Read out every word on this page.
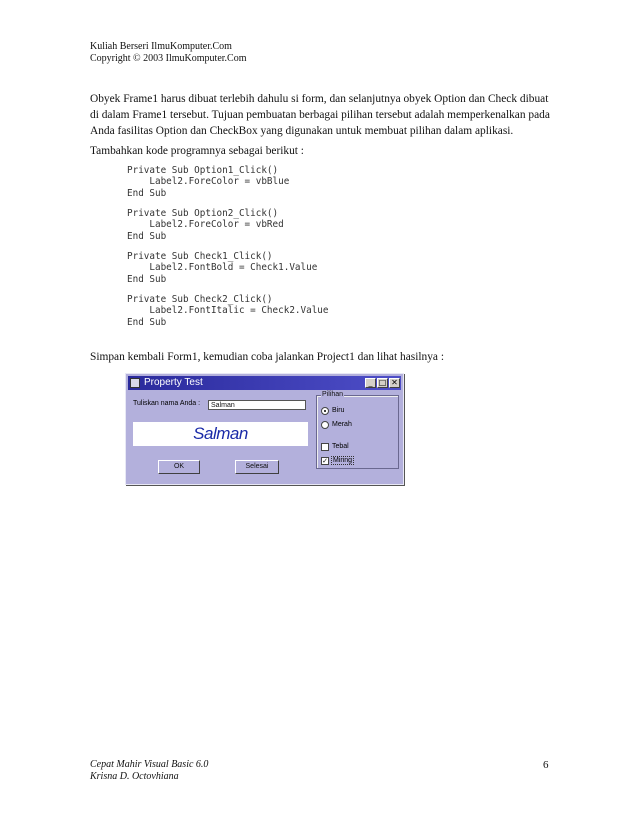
Kuliah Berseri IlmuKomputer.Com
Copyright © 2003 IlmuKomputer.Com

Obyek Frame1 harus dibuat terlebih dahulu si form, dan selanjutnya obyek Option dan Check dibuat di dalam Frame1 tersebut. Tujuan pembuatan berbagai pilihan tersebut adalah memperkenalkan pada Anda fasilitas Option dan CheckBox yang digunakan untuk membuat pilihan dalam aplikasi.

Tambahkan kode programnya sebagai berikut :

Private Sub Option1_Click()
Label2.ForeColor = vbBlue
End Sub
Private Sub Option2_Click()
Label2.ForeColor = vbRed
End Sub
Private Sub Check1_Click()
Label2.FontBold = Check1.Value
End Sub
Private Sub Check2_Click()
Label2.FontItalic = Check2.Value
End Sub

Simpan kembali Form1, kemudian coba jalankan Project1 dan lihat hasilnya :

Property Test	_ □ ✕
Tuliskan nama Anda :	Salman
Salman
OK	Selesai
Pilihan
Biru
Merah
Tebal
✓ Miring
Cepat Mahir Visual Basic 6.0
Krisna D. Octovhiana
6
